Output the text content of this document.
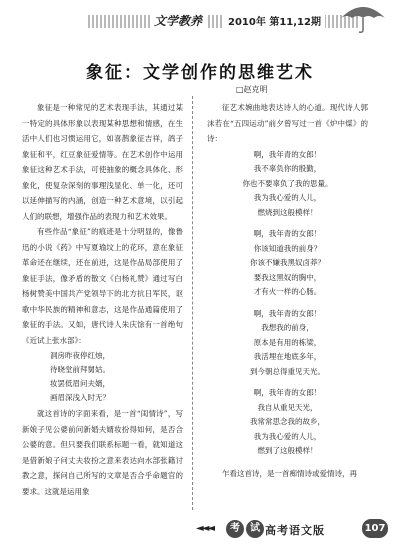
文学教养	2010年 第11,12期
象征：文学创作的思维艺术
□赵克明

象征是一种常见的艺术表现手法，其通过某一特定的具体形象以表现某种思想和情感，在生活中人们也习惯运用它，如喜鹊象征吉祥，鸽子象征和平，红豆象征爱情等。在艺术创作中运用象征这种艺术手法，可使抽象的概念具体化、形象化，使复杂深刻的事理浅显化、单一化，还可以延伸描写的内涵，创造一种艺术意境，以引起人们的联想，增强作品的表现力和艺术效果。

有些作品“象征”的痕迹是十分明显的，像鲁迅的小说《药》中写夏瑜坟上的花环，意在象征革命还在继续，还在前进，这是作品局部使用了象征手法，像矛盾的散文《白杨礼赞》通过写白杨树赞美中国共产党领导下的北方抗日军民，讴歌中华民族的精神和意志，这是作品通篇使用了象征的手法。又如，唐代诗人朱庆馀有一首绝句《近试上张水部》：

洞房昨夜停红烛，
待晓堂前拜舅姑。
妆罢低眉问夫婿，
画眉深浅入时无？

就这首诗的字面来看，是一首“闺情诗”，写新娘子见公婆前问新婚夫婿妆扮得如何，是否合公婆的意。但只要我们联系标题一看，就知道这是借新娘子问丈夫妆扮之意来表达向水部张籍讨教之意，探问自己所写的文章是否合乎命题官的要求。这就是运用象

征艺术婉曲地表达诗人的心道。现代诗人郭沫若在“五四运动”前夕曾写过一首《炉中煤》的诗：

啊，我年青的女郎！
我不辜负你的殷勤，
你也不要辜负了我的思量。
我为我心爱的人儿，
燃烧到这般模样！
啊，我年青的女郎！
你该知道我的前身？
你该不嫌我黑奴卤莽？
要我这黑奴的胸中，
才有火一样的心肠。
啊，我年青的女郎！
我想我的前身，
原本是有用的栋梁，
我活埋在地底多年，
到今朝总得重见天光。
啊，我年青的女郎！
我自从重见天光，
我常常思念我的故乡，
我为我心爱的人儿，
燃到了这般模样！

乍看这首诗，是一首痴情诗或爱情诗，再

◄◄◄	考	试 高考语文版	107
